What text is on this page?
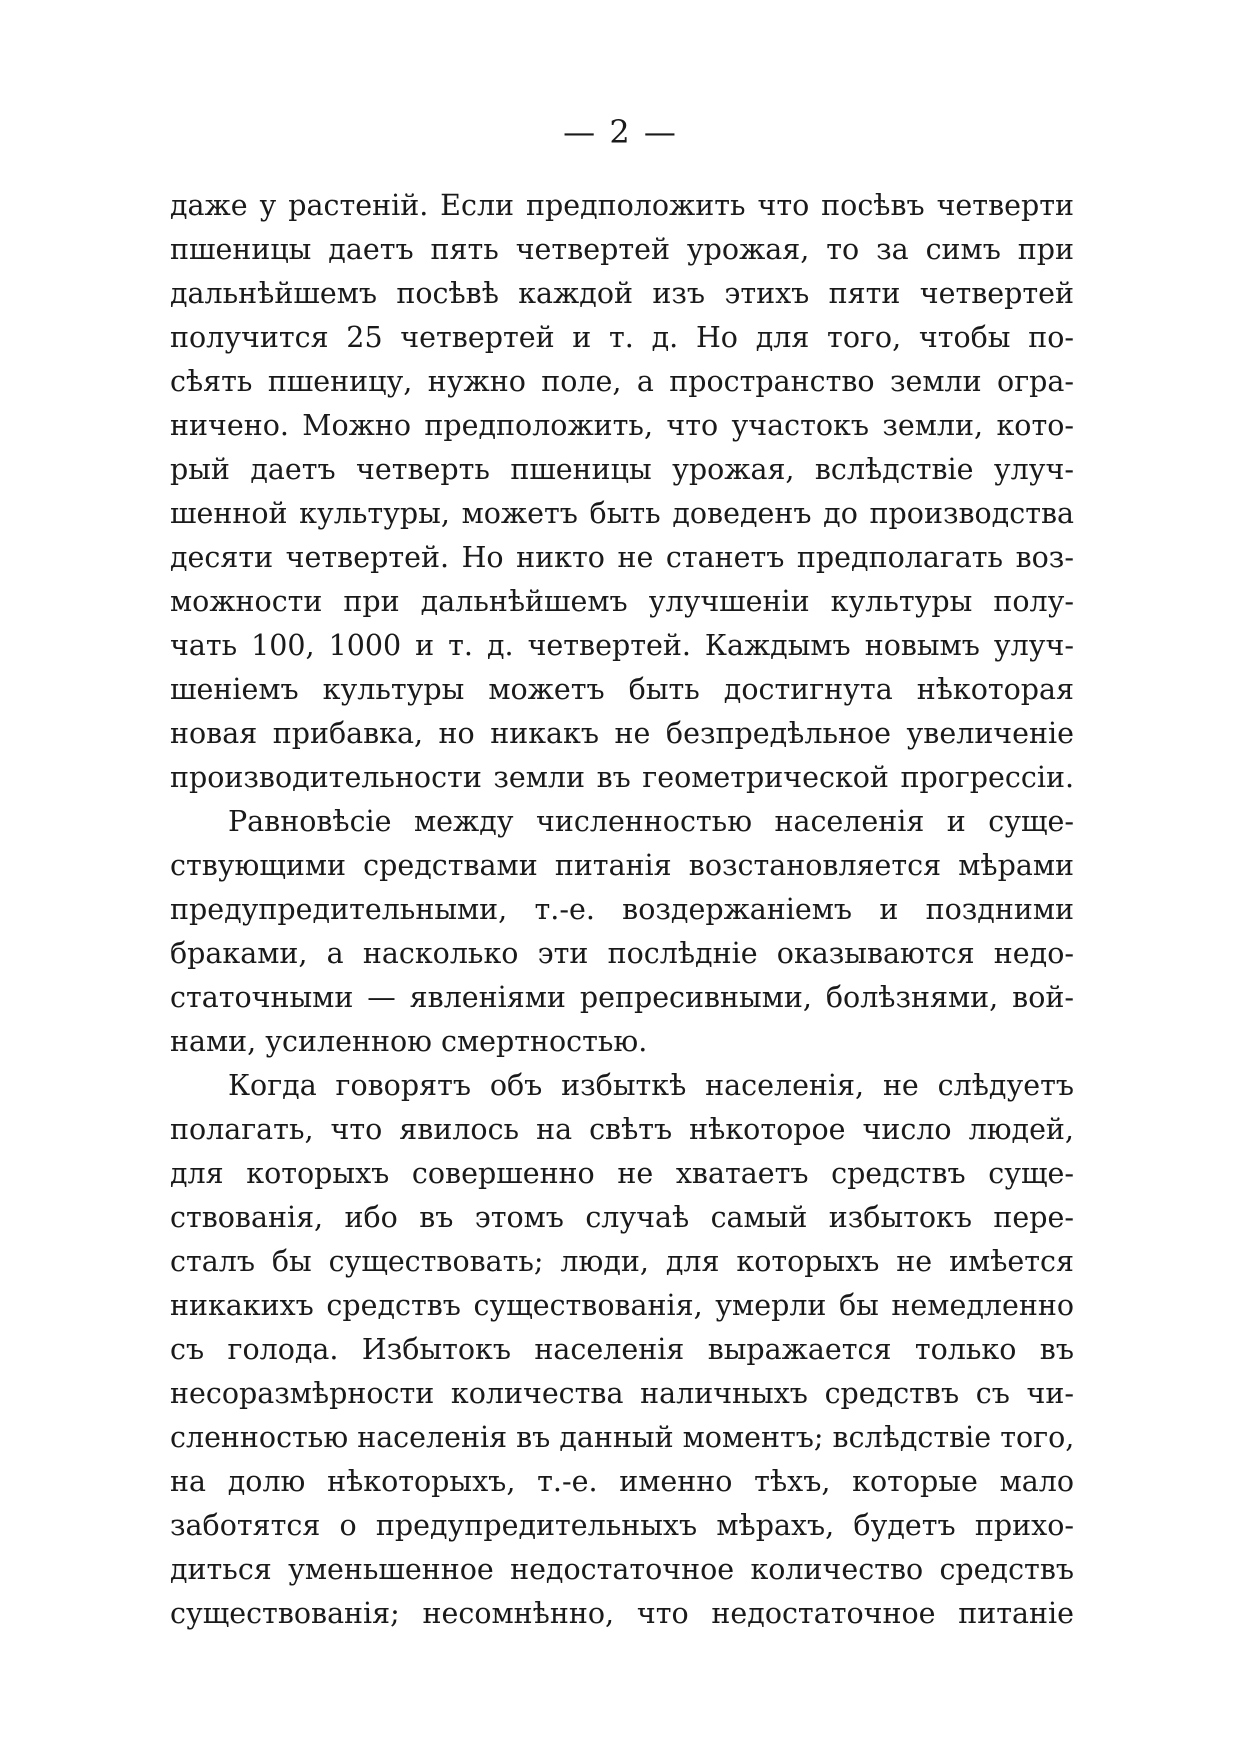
— 2 —
даже у растеній. Если предположить что посѣвъ четверти
пшеницы даетъ пять четвертей урожая, то за симъ при
дальнѣйшемъ посѣвѣ каждой изъ этихъ пяти четвертей
получится 25 четвертей и т. д. Но для того, чтобы по-
сѣять пшеницу, нужно поле, а пространство земли огра-
ничено. Можно предположить, что участокъ земли, кото-
рый даетъ четверть пшеницы урожая, вслѣдствіе улуч-
шенной культуры, можетъ быть доведенъ до производства
десяти четвертей. Но никто не станетъ предполагать воз-
можности при дальнѣйшемъ улучшеніи культуры полу-
чать 100, 1000 и т. д. четвертей. Каждымъ новымъ улуч-
шеніемъ культуры можетъ быть достигнута нѣкоторая
новая прибавка, но никакъ не безпредѣльное увеличеніе
производительности земли въ геометрической прогрессіи.
Равновѣсіе между численностью населенія и суще-
ствующими средствами питанія возстановляется мѣрами
предупредительными, т.-е. воздержаніемъ и поздними
браками, а насколько эти послѣдніе оказываются недо-
статочными — явленіями репресивными, болѣзнями, вой-
нами, усиленною смертностью.
Когда говорятъ объ избыткѣ населенія, не слѣдуетъ
полагать, что явилось на свѣтъ нѣкоторое число людей,
для которыхъ совершенно не хватаетъ средствъ суще-
ствованія, ибо въ этомъ случаѣ самый избытокъ пере-
сталъ бы существовать; люди, для которыхъ не имѣется
никакихъ средствъ существованія, умерли бы немедленно
съ голода. Избытокъ населенія выражается только въ
несоразмѣрности количества наличныхъ средствъ съ чи-
сленностью населенія въ данный моментъ; вслѣдствіе того,
на долю нѣкоторыхъ, т.-е. именно тѣхъ, которые мало
заботятся о предупредительныхъ мѣрахъ, будетъ прихо-
диться уменьшенное недостаточное количество средствъ
существованія; несомнѣнно, что недостаточное питаніе
